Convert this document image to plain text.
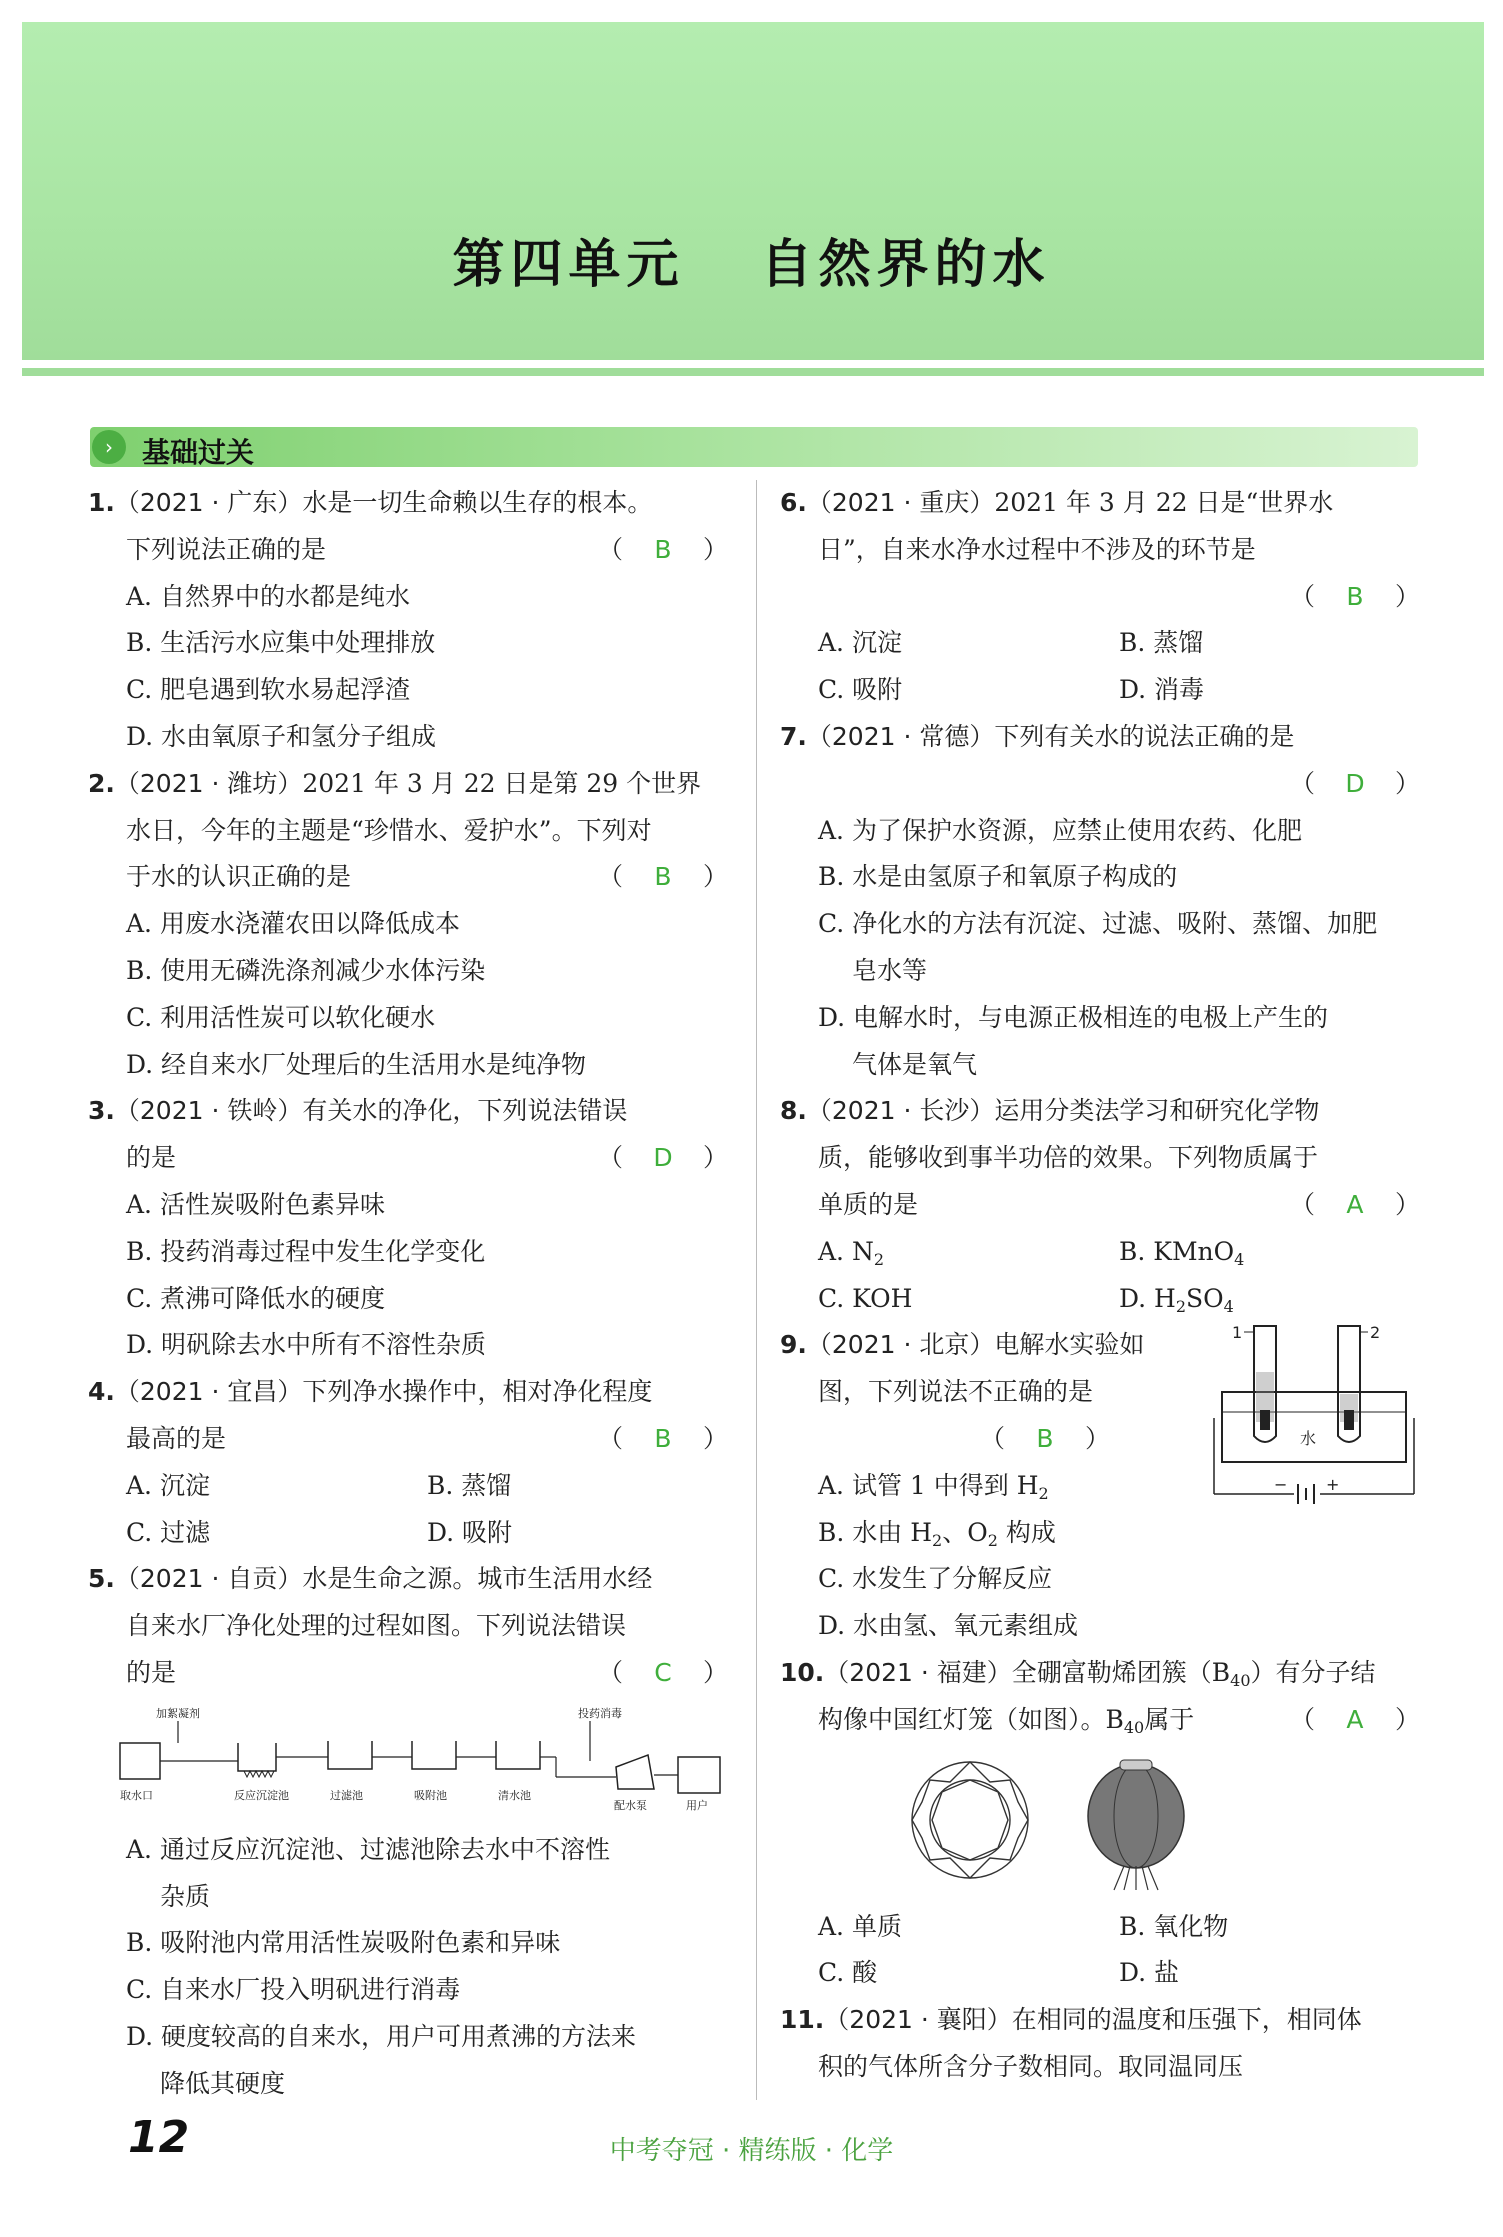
第四单元 自然界的水
›	基础过关
1.（2021 · 广东）水是一切生命赖以生存的根本。
下列说法正确的是	（ B ）
A. 自然界中的水都是纯水
B. 生活污水应集中处理排放
C. 肥皂遇到软水易起浮渣
D. 水由氧原子和氢分子组成
2.（2021 · 潍坊）2021 年 3 月 22 日是第 29 个世界
水日，今年的主题是“珍惜水、爱护水”。下列对
于水的认识正确的是	（ B ）
A. 用废水浇灌农田以降低成本
B. 使用无磷洗涤剂减少水体污染
C. 利用活性炭可以软化硬水
D. 经自来水厂处理后的生活用水是纯净物
3.（2021 · 铁岭）有关水的净化，下列说法错误
的是	（ D ）
A. 活性炭吸附色素异味
B. 投药消毒过程中发生化学变化
C. 煮沸可降低水的硬度
D. 明矾除去水中所有不溶性杂质
4.（2021 · 宜昌）下列净水操作中，相对净化程度
最高的是	（ B ）
A. 沉淀	B. 蒸馏
C. 过滤	D. 吸附
5.（2021 · 自贡）水是生命之源。城市生活用水经
自来水厂净化处理的过程如图。下列说法错误
的是	（ C ）
加絮凝剂	投药消毒
取水口	反应沉淀池	过滤池	吸附池	清水池
配水泵	用户
A. 通过反应沉淀池、过滤池除去水中不溶性
杂质
B. 吸附池内常用活性炭吸附色素和异味
C. 自来水厂投入明矾进行消毒
D. 硬度较高的自来水，用户可用煮沸的方法来
降低其硬度
6.（2021 · 重庆）2021 年 3 月 22 日是“世界水
日”，自来水净水过程中不涉及的环节是
（ B ）
A. 沉淀	B. 蒸馏
C. 吸附	D. 消毒
7.（2021 · 常德）下列有关水的说法正确的是
（ D ）
A. 为了保护水资源，应禁止使用农药、化肥
B. 水是由氢原子和氧原子构成的
C. 净化水的方法有沉淀、过滤、吸附、蒸馏、加肥
皂水等
D. 电解水时，与电源正极相连的电极上产生的
气体是氧气
8.（2021 · 长沙）运用分类法学习和研究化学物
质，能够收到事半功倍的效果。下列物质属于
单质的是	（ A ）
A. $N_2$	B. KMnO$_4$
C. KOH	D. $H_2SO_4$
9.（2021 · 北京）电解水实验如
图，下列说法不正确的是
（ B ）
A. 试管 1 中得到 $H_2$
B. 水由 $H_2$、$O_2$ 构成
C. 水发生了分解反应
D. 水由氢、氧元素组成
1	2
水
− +
10.（2021 · 福建）全硼富勒烯团簇$(B_{40})$有分子结
构像中国红灯笼（如图）。$B_{40}$属于	（ A ）
A. 单质	B. 氧化物
C. 酸	D. 盐
11.（2021 · 襄阳）在相同的温度和压强下，相同体
积的气体所含分子数相同。取同温同压
12	中考夺冠 · 精练版 · 化学
